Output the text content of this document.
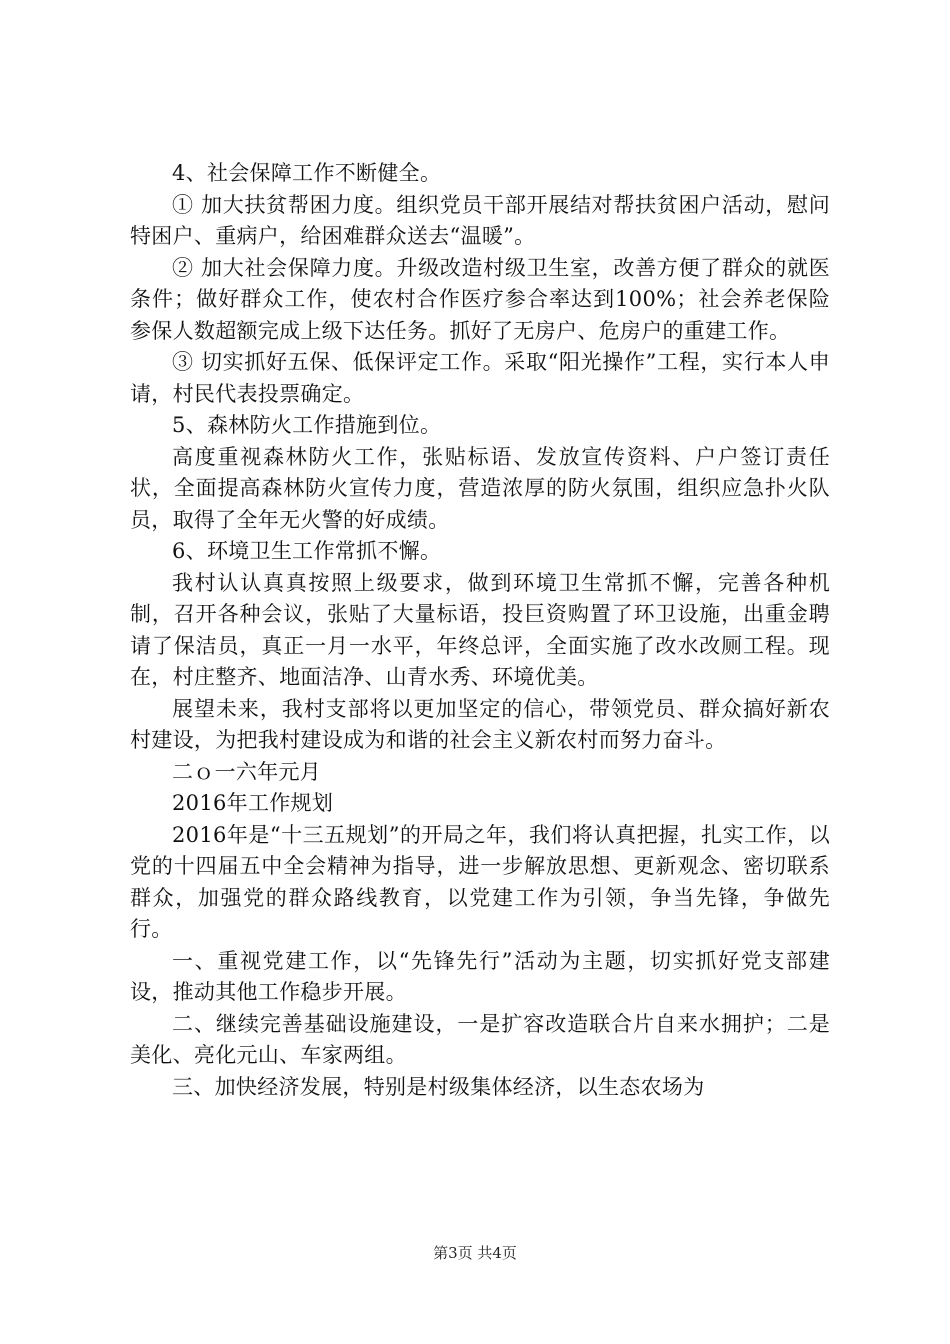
4、社会保障工作不断健全。

① 加大扶贫帮困力度。组织党员干部开展结对帮扶贫困户活动，慰问特困户、重病户，给困难群众送去“温暖”。

② 加大社会保障力度。升级改造村级卫生室，改善方便了群众的就医条件；做好群众工作，使农村合作医疗参合率达到100%；社会养老保险参保人数超额完成上级下达任务。抓好了无房户、危房户的重建工作。

③ 切实抓好五保、低保评定工作。采取“阳光操作”工程，实行本人申请，村民代表投票确定。

5、森林防火工作措施到位。

高度重视森林防火工作，张贴标语、发放宣传资料、户户签订责任状，全面提高森林防火宣传力度，营造浓厚的防火氛围，组织应急扑火队员，取得了全年无火警的好成绩。

6、环境卫生工作常抓不懈。

我村认认真真按照上级要求，做到环境卫生常抓不懈，完善各种机制，召开各种会议，张贴了大量标语，投巨资购置了环卫设施，出重金聘请了保洁员，真正一月一水平，年终总评，全面实施了改水改厕工程。现在，村庄整齐、地面洁净、山青水秀、环境优美。

展望未来，我村支部将以更加坚定的信心，带领党员、群众搞好新农村建设，为把我村建设成为和谐的社会主义新农村而努力奋斗。

二ｏ一六年元月

2016年工作规划

2016年是“十三五规划”的开局之年，我们将认真把握，扎实工作，以党的十四届五中全会精神为指导，进一步解放思想、更新观念、密切联系群众，加强党的群众路线教育，以党建工作为引领，争当先锋，争做先行。

一、重视党建工作，以“先锋先行”活动为主题，切实抓好党支部建设，推动其他工作稳步开展。

二、继续完善基础设施建设，一是扩容改造联合片自来水拥护；二是美化、亮化元山、车家两组。

三、加快经济发展，特别是村级集体经济，以生态农场为

第3页 共4页
